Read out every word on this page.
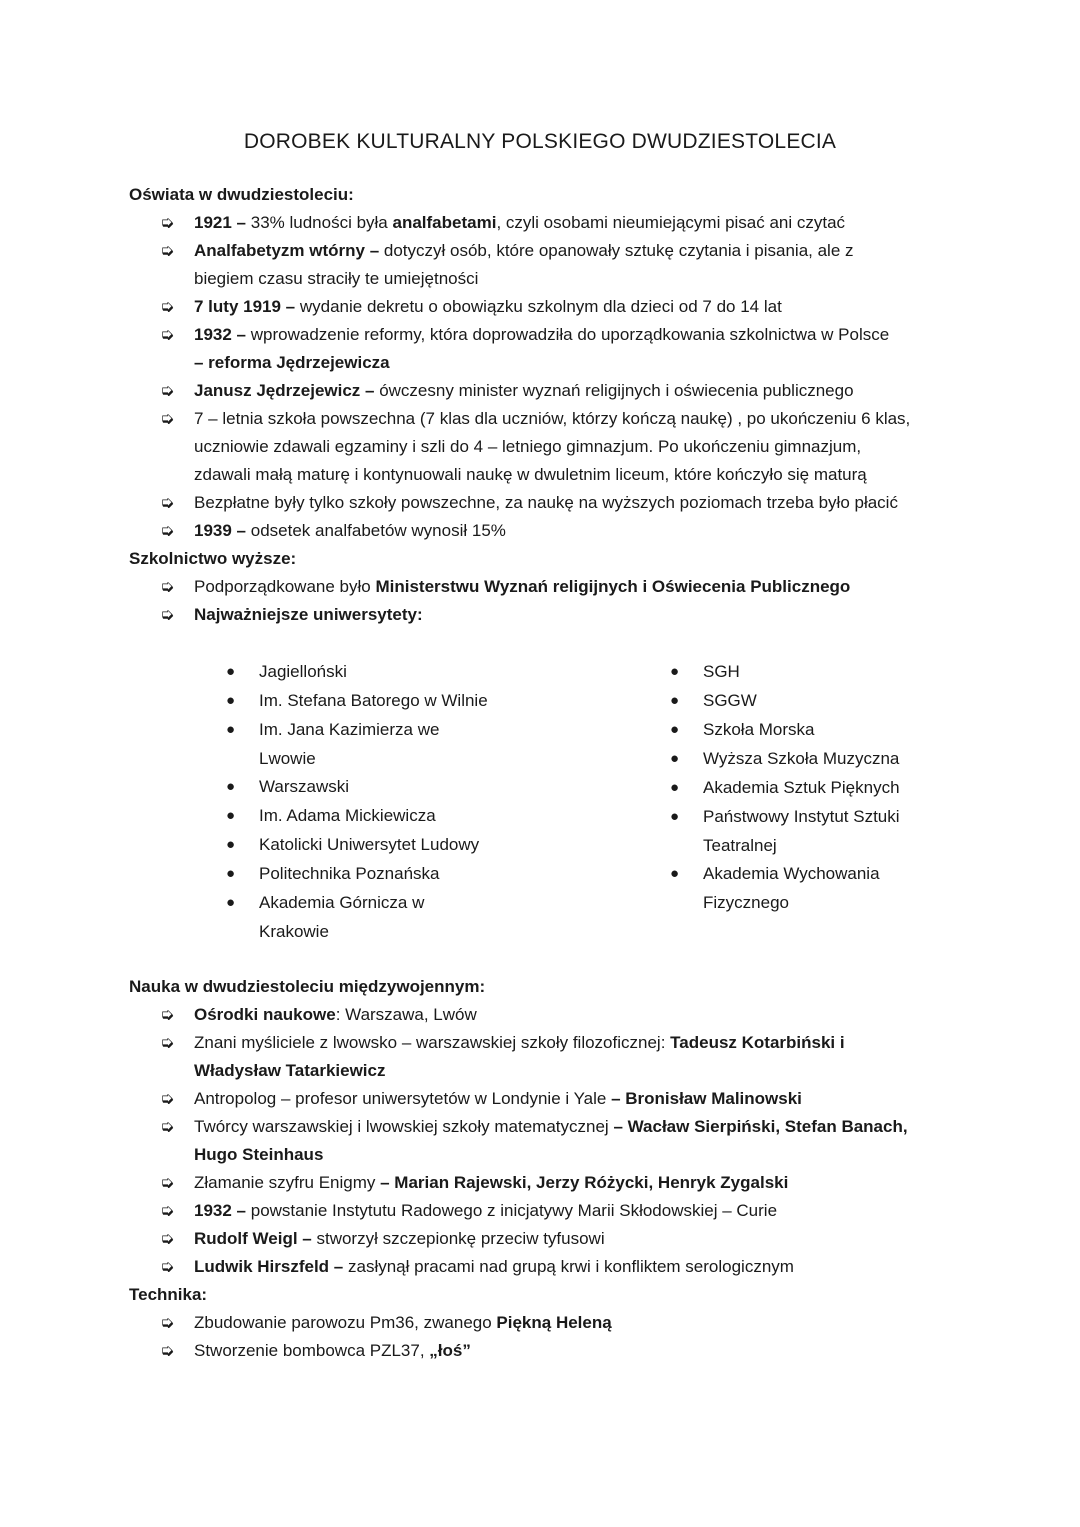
DOROBEK KULTURALNY POLSKIEGO DWUDZIESTOLECIA
Oświata w dwudziestoleciu:
➭	1921 – 33% ludności była analfabetami, czyli osobami nieumiejącymi pisać ani czytać
➭	Analfabetyzm wtórny – dotyczył osób, które opanowały sztukę czytania i pisania, ale z
biegiem czasu straciły te umiejętności
➭	7 luty 1919 – wydanie dekretu o obowiązku szkolnym dla dzieci od 7 do 14 lat
➭	1932 – wprowadzenie reformy, która doprowadziła do uporządkowania szkolnictwa w Polsce
– reforma Jędrzejewicza
➭	Janusz Jędrzejewicz – ówczesny minister wyznań religijnych i oświecenia publicznego
➭	7 – letnia szkoła powszechna (7 klas dla uczniów, którzy kończą naukę) , po ukończeniu 6 klas,
uczniowie zdawali egzaminy i szli do 4 – letniego gimnazjum. Po ukończeniu gimnazjum,
zdawali małą maturę i kontynuowali naukę w dwuletnim liceum, które kończyło się maturą
➭	Bezpłatne były tylko szkoły powszechne, za naukę na wyższych poziomach trzeba było płacić
➭	1939 – odsetek analfabetów wynosił 15%
Szkolnictwo wyższe:
➭	Podporządkowane było Ministerstwu Wyznań religijnych i Oświecenia Publicznego
➭	Najważniejsze uniwersytety:
● Jagielloński
● Im. Stefana Batorego w Wilnie
● Im. Jana Kazimierza we
Lwowie
● Warszawski
● Im. Adama Mickiewicza
● Katolicki Uniwersytet Ludowy
● Politechnika Poznańska
● Akademia Górnicza w
Krakowie
● SGH
● SGGW
● Szkoła Morska
● Wyższa Szkoła Muzyczna
● Akademia Sztuk Pięknych
● Państwowy Instytut Sztuki
Teatralnej
● Akademia Wychowania
Fizycznego
Nauka w dwudziestoleciu międzywojennym:
➭	Ośrodki naukowe: Warszawa, Lwów
➭	Znani myśliciele z lwowsko – warszawskiej szkoły filozoficznej: Tadeusz Kotarbiński i
Władysław Tatarkiewicz
➭	Antropolog – profesor uniwersytetów w Londynie i Yale – Bronisław Malinowski
➭	Twórcy warszawskiej i lwowskiej szkoły matematycznej – Wacław Sierpiński, Stefan Banach,
Hugo Steinhaus
➭	Złamanie szyfru Enigmy – Marian Rajewski, Jerzy Różycki, Henryk Zygalski
➭	1932 – powstanie Instytutu Radowego z inicjatywy Marii Skłodowskiej – Curie
➭	Rudolf Weigl – stworzył szczepionkę przeciw tyfusowi
➭	Ludwik Hirszfeld – zasłynął pracami nad grupą krwi i konfliktem serologicznym
Technika:
➭	Zbudowanie parowozu Pm36, zwanego Piękną Heleną
➭	Stworzenie bombowca PZL37, „łoś”
